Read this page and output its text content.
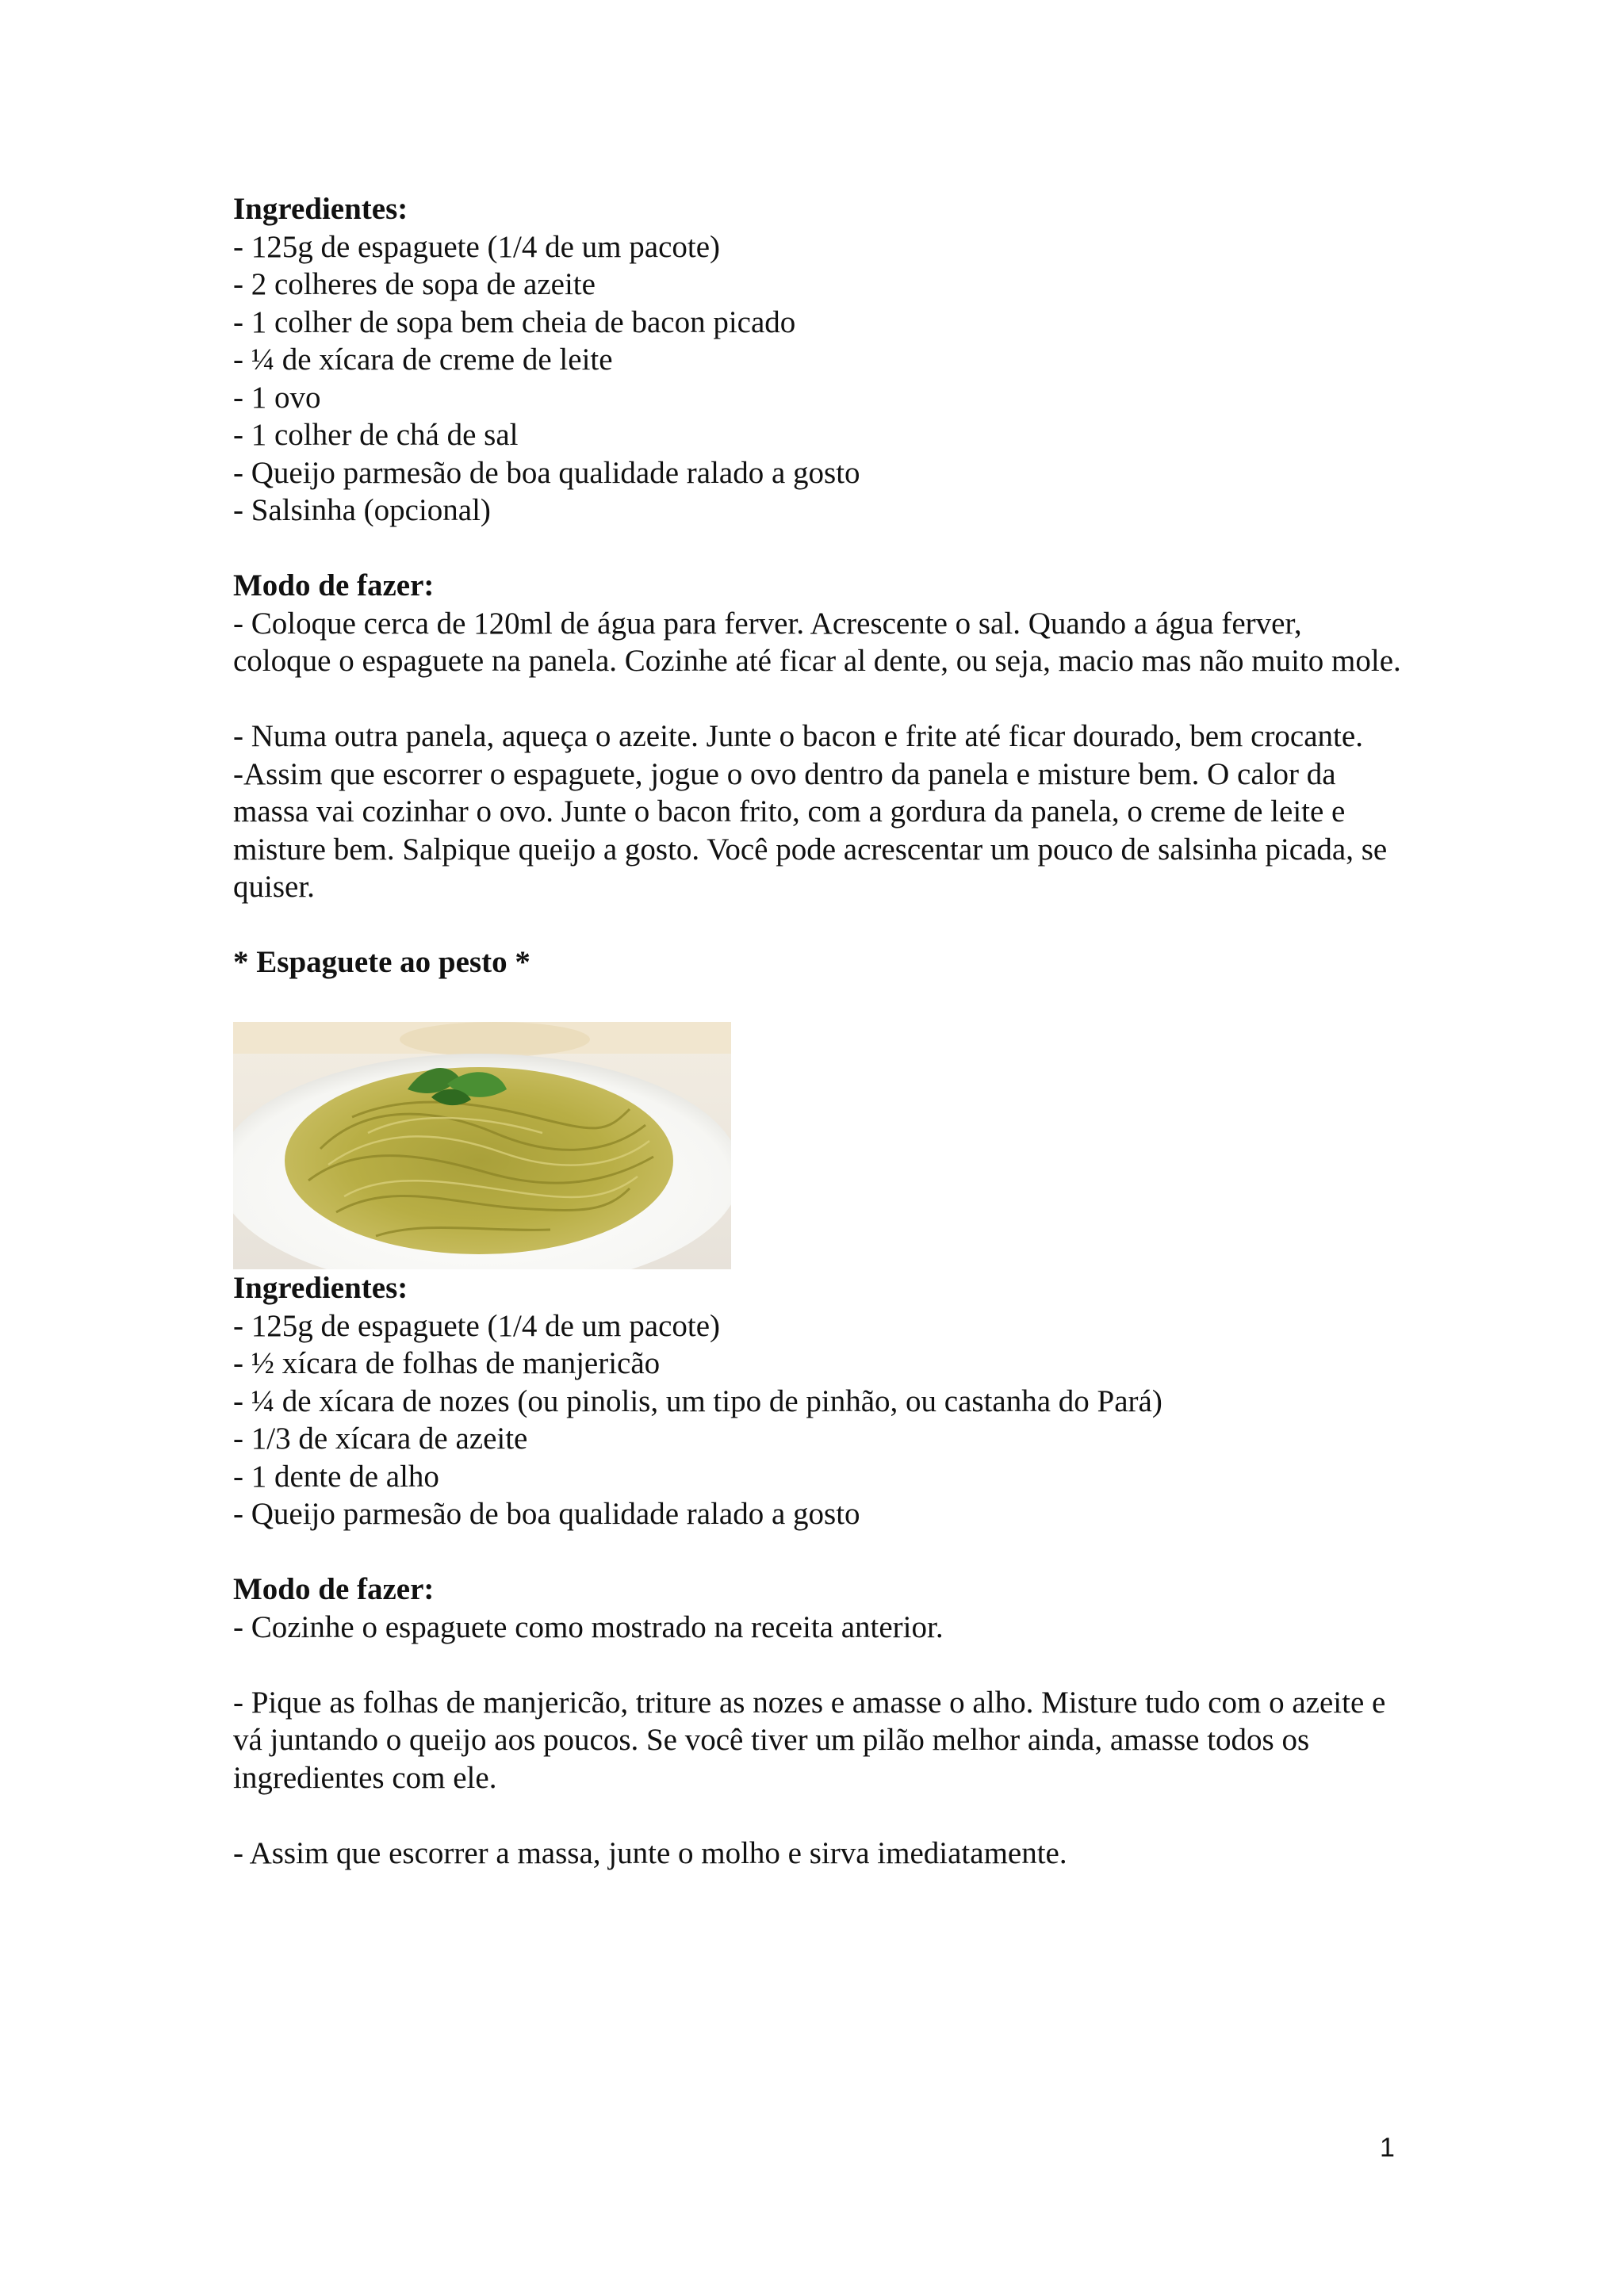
Ingredientes:

- 125g de espaguete (1/4 de um pacote)

- 2 colheres de sopa de azeite

- 1 colher de sopa bem cheia de bacon picado

- ¼ de xícara de creme de leite

- 1 ovo

- 1 colher de chá de sal

- Queijo parmesão de boa qualidade ralado a gosto

- Salsinha (opcional)

Modo de fazer:

- Coloque cerca de 120ml de água para ferver. Acrescente o sal. Quando a água ferver, coloque o espaguete na panela. Cozinhe até ficar al dente, ou seja, macio mas não muito mole.

- Numa outra panela, aqueça o azeite. Junte o bacon e frite até ficar dourado, bem crocante.

-Assim que escorrer o espaguete, jogue o ovo dentro da panela e misture bem. O calor da massa vai cozinhar o ovo. Junte o bacon frito, com a gordura da panela, o creme de leite e misture bem. Salpique queijo a gosto. Você pode acrescentar um pouco de salsinha picada, se quiser.

* Espaguete ao pesto *

Ingredientes:

- 125g de espaguete (1/4 de um pacote)

- ½ xícara de folhas de manjericão

- ¼ de xícara de nozes (ou pinolis, um tipo de pinhão, ou castanha do Pará)

- 1/3 de xícara de azeite

- 1 dente de alho

- Queijo parmesão de boa qualidade ralado a gosto

Modo de fazer:

- Cozinhe o espaguete como mostrado na receita anterior.

- Pique as folhas de manjericão, triture as nozes e amasse o alho. Misture tudo com o azeite e vá juntando o queijo aos poucos. Se você tiver um pilão melhor ainda, amasse todos os ingredientes com ele.

- Assim que escorrer a massa, junte o molho e sirva imediatamente.

1
